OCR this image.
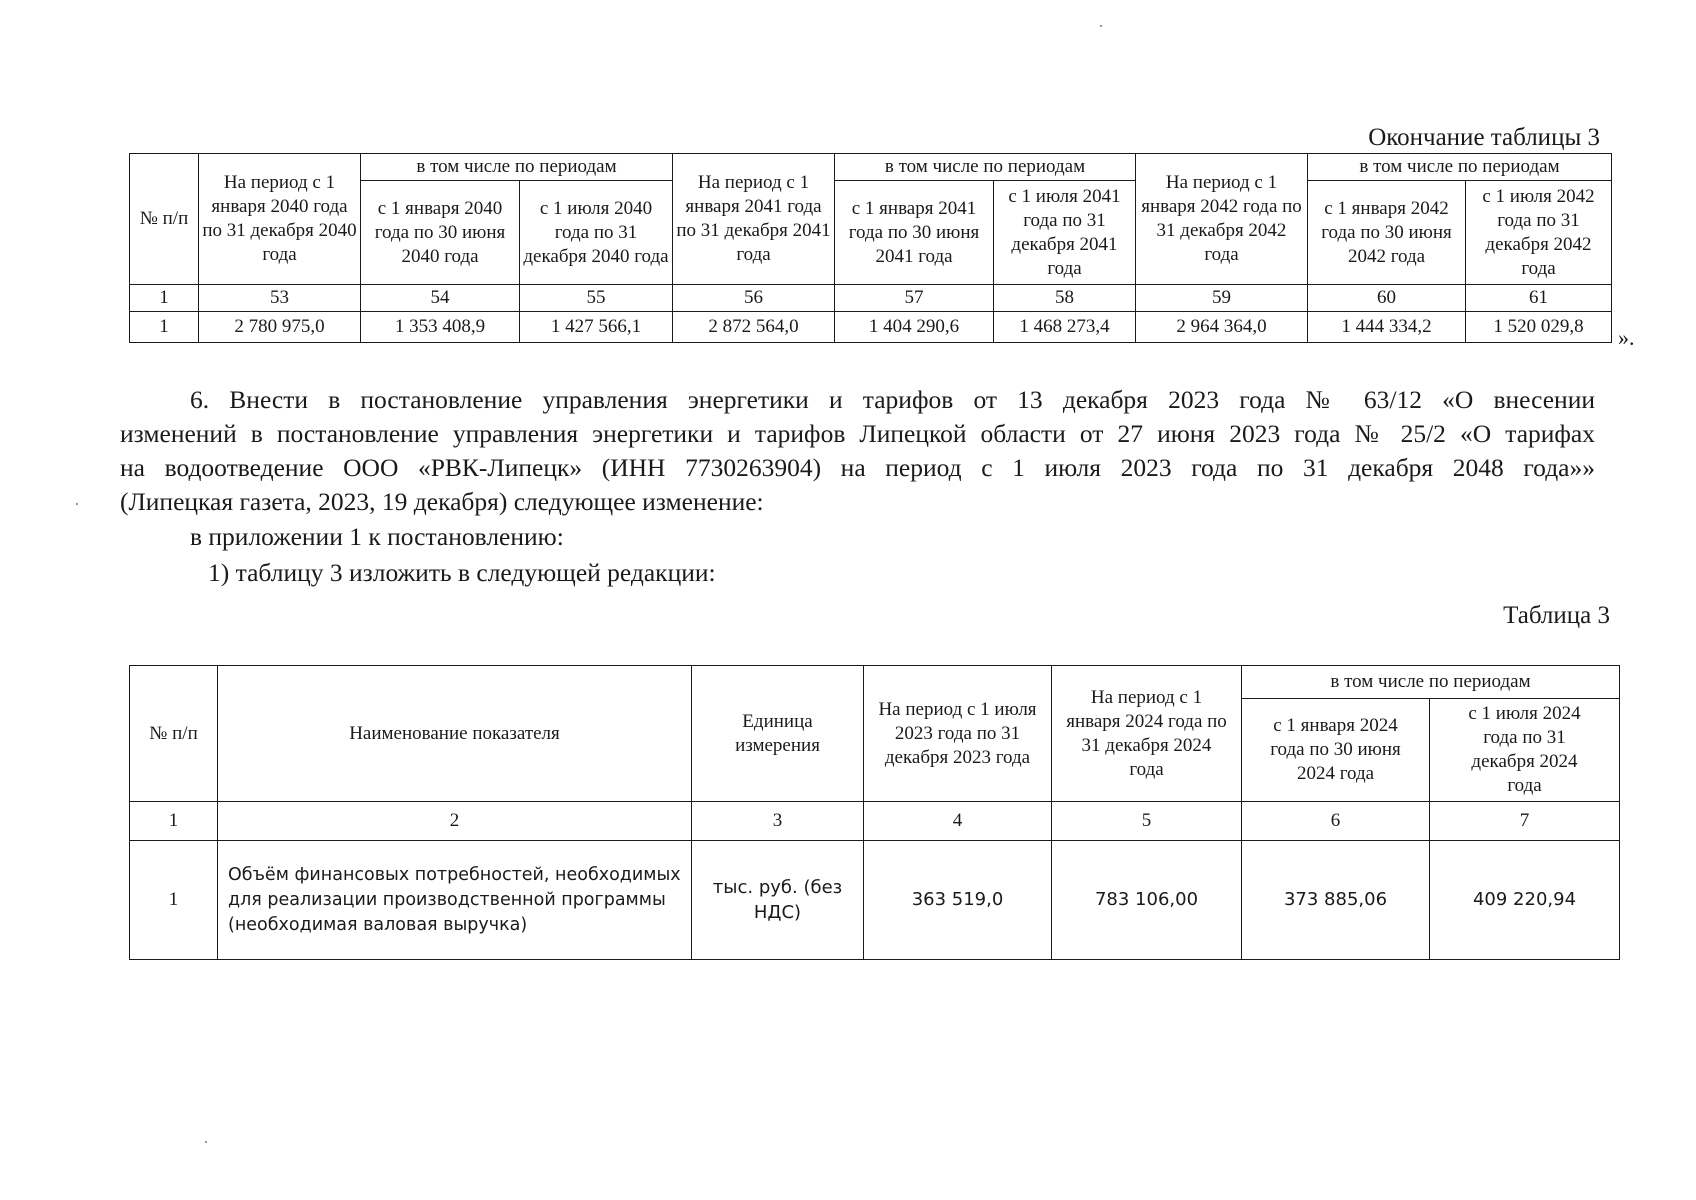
Окончание таблицы 3
№ п/п	На период с 1 января 2040 года по 31 декабря 2040 года	в том числе по периодам		На период с 1 января 2041 года по 31 декабря 2041 года	в том числе по периодам		На период с 1 января 2042 года по 31 декабря 2042 года	в том числе по периодам	
		с 1 января 2040 года по 30 июня 2040 года	с 1 июля 2040 года по 31 декабря 2040 года		с 1 января 2041 года по 30 июня 2041 года	с 1 июля 2041 года по 31 декабря 2041 года		с 1 января 2042 года по 30 июня 2042 года	с 1 июля 2042 года по 31 декабря 2042 года
1	53	54	55	56	57	58	59	60	61
1	2 780 975,0	1 353 408,9	1 427 566,1	2 872 564,0	1 404 290,6	1 468 273,4	2 964 364,0	1 444 334,2	1 520 029,8 ».
6. Внести в постановление управления энергетики и тарифов от 13 декабря 2023 года № 63/12 «О внесении
изменений в постановление управления энергетики и тарифов Липецкой области от 27 июня 2023 года № 25/2 «О тарифах
на водоотведение ООО «РВК-Липецк» (ИНН 7730263904) на период с 1 июля 2023 года по 31 декабря 2048 года»»
(Липецкая газета, 2023, 19 декабря) следующее изменение:
в приложении 1 к постановлению:
1) таблицу 3 изложить в следующей редакции:
Таблица 3
№ п/п	Наименование показателя	Единица измерения	На период с 1 июля 2023 года по 31 декабря 2023 года	На период с 1 января 2024 года по 31 декабря 2024 года	в том числе по периодам	
					с 1 января 2024 года по 30 июня 2024 года	с 1 июля 2024 года по 31 декабря 2024 года
1	2	3	4	5	6	7
1	Объём финансовых потребностей, необходимых для реализации производственной программы (необходимая валовая выручка)	тыс. руб. (без НДС)	363 519,0	783 106,00	373 885,06	409 220,94
